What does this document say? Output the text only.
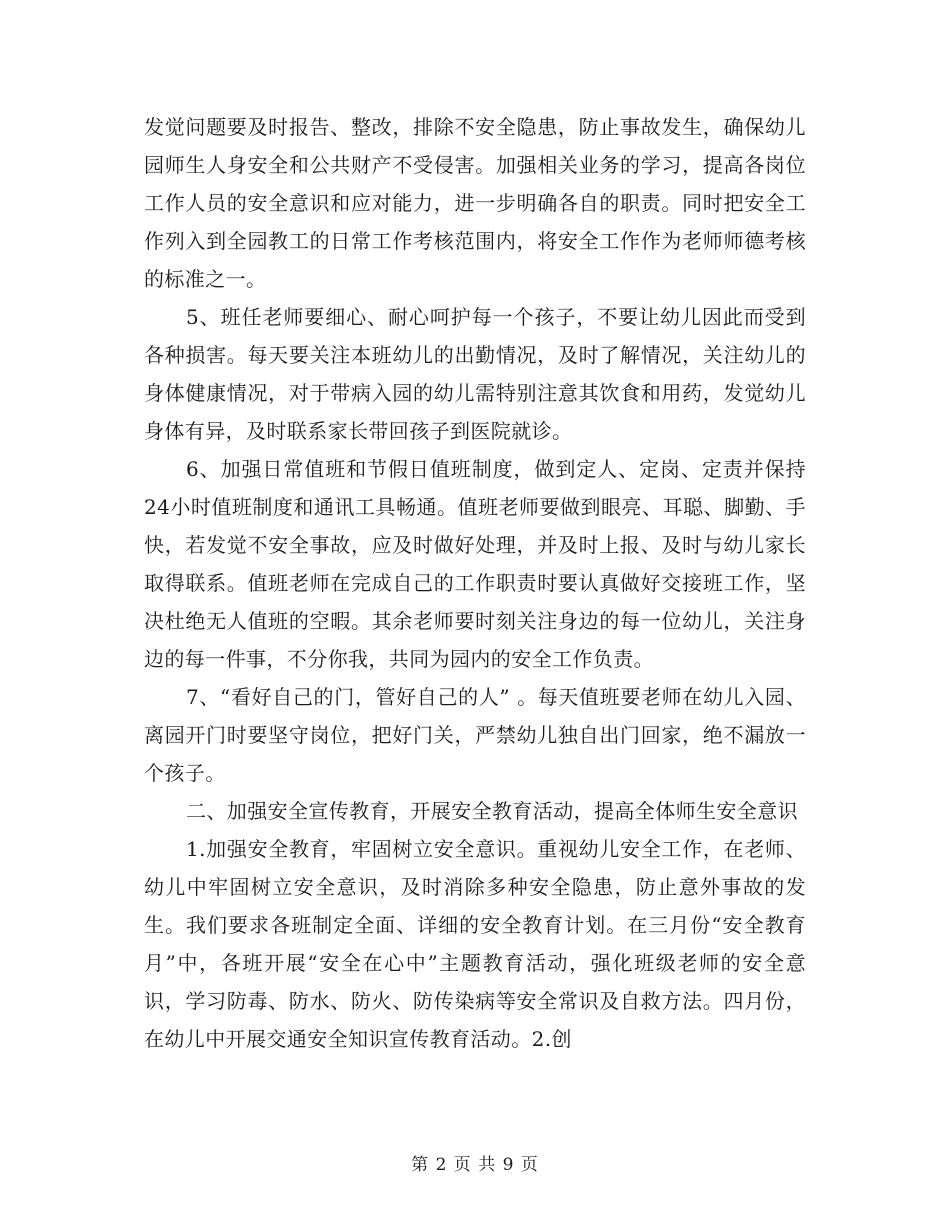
发觉问题要及时报告、整改，排除不安全隐患，防止事故发生，确保幼儿园师生人身安全和公共财产不受侵害。加强相关业务的学习，提高各岗位工作人员的安全意识和应对能力，进一步明确各自的职责。同时把安全工作列入到全园教工的日常工作考核范围内，将安全工作作为老师师德考核的标准之一。

5、班任老师要细心、耐心呵护每一个孩子，不要让幼儿因此而受到各种损害。每天要关注本班幼儿的出勤情况，及时了解情况，关注幼儿的身体健康情况，对于带病入园的幼儿需特别注意其饮食和用药，发觉幼儿身体有异，及时联系家长带回孩子到医院就诊。

6、加强日常值班和节假日值班制度，做到定人、定岗、定责并保持24小时值班制度和通讯工具畅通。值班老师要做到眼亮、耳聪、脚勤、手快，若发觉不安全事故，应及时做好处理，并及时上报、及时与幼儿家长取得联系。值班老师在完成自己的工作职责时要认真做好交接班工作，坚决杜绝无人值班的空暇。其余老师要时刻关注身边的每一位幼儿，关注身边的每一件事，不分你我，共同为园内的安全工作负责。

7、“看好自己的门，管好自己的人” 。每天值班要老师在幼儿入园、离园开门时要坚守岗位，把好门关，严禁幼儿独自出门回家，绝不漏放一个孩子。

二、加强安全宣传教育，开展安全教育活动，提高全体师生安全意识

1.加强安全教育，牢固树立安全意识。重视幼儿安全工作，在老师、幼儿中牢固树立安全意识，及时消除多种安全隐患，防止意外事故的发生。我们要求各班制定全面、详细的安全教育计划。在三月份“安全教育月”中，各班开展“安全在心中”主题教育活动，强化班级老师的安全意识，学习防毒、防水、防火、防传染病等安全常识及自救方法。四月份，在幼儿中开展交通安全知识宣传教育活动。2.创

第 2 页 共 9 页
